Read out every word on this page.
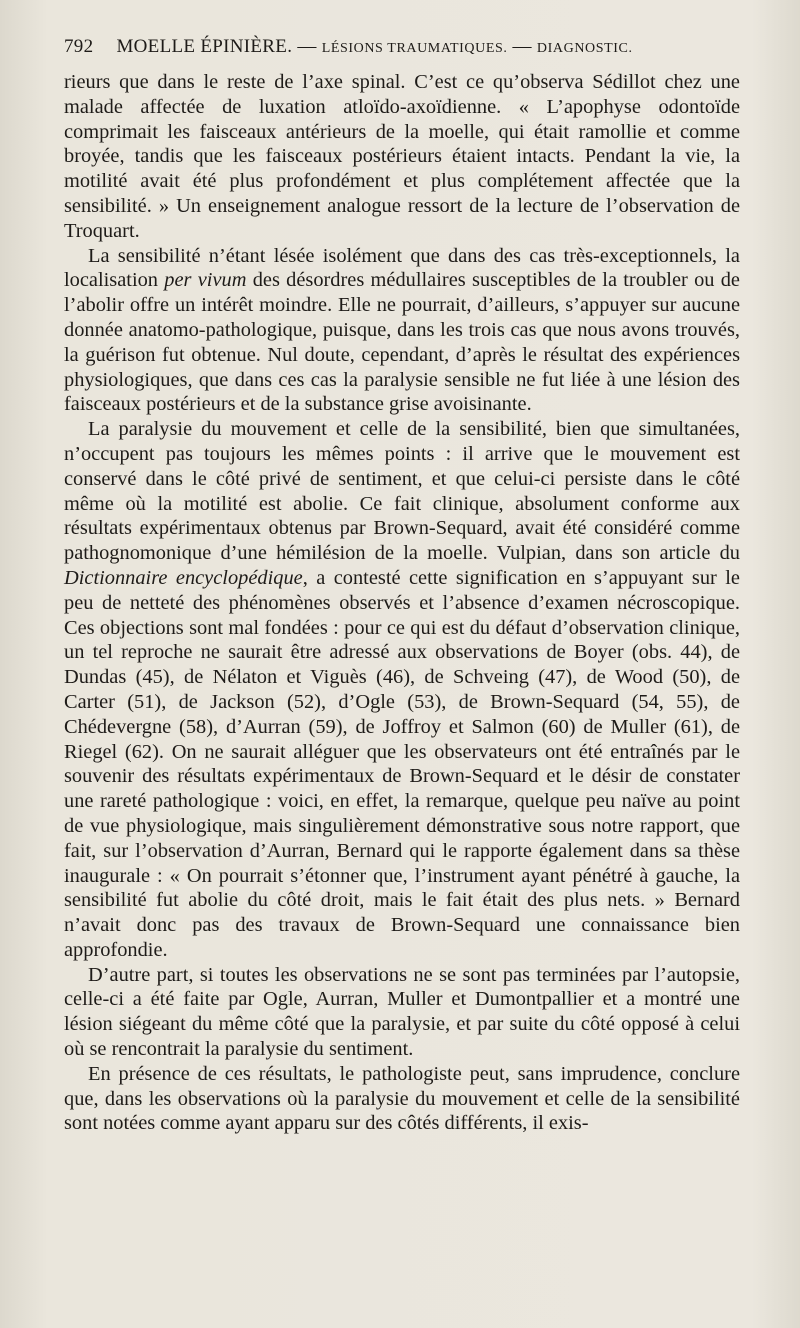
792 MOELLE ÉPINIÈRE. — LÉSIONS TRAUMATIQUES. — DIAGNOSTIC.

rieurs que dans le reste de l’axe spinal. C’est ce qu’observa Sédillot chez une malade affectée de luxation atloïdo-axoïdienne. « L’apophyse odontoïde comprimait les faisceaux antérieurs de la moelle, qui était ramollie et comme broyée, tandis que les faisceaux postérieurs étaient intacts. Pendant la vie, la motilité avait été plus profondément et plus complétement affectée que la sensibilité. » Un enseignement analogue ressort de la lecture de l’observation de Troquart.

La sensibilité n’étant lésée isolément que dans des cas très-exceptionnels, la localisation per vivum des désordres médullaires susceptibles de la troubler ou de l’abolir offre un intérêt moindre. Elle ne pourrait, d’ailleurs, s’appuyer sur aucune donnée anatomo-pathologique, puisque, dans les trois cas que nous avons trouvés, la guérison fut obtenue. Nul doute, cependant, d’après le résultat des expériences physiologiques, que dans ces cas la paralysie sensible ne fut liée à une lésion des faisceaux postérieurs et de la substance grise avoisinante.

La paralysie du mouvement et celle de la sensibilité, bien que simultanées, n’occupent pas toujours les mêmes points : il arrive que le mouvement est conservé dans le côté privé de sentiment, et que celui-ci persiste dans le côté même où la motilité est abolie. Ce fait clinique, absolument conforme aux résultats expérimentaux obtenus par Brown-Sequard, avait été considéré comme pathognomonique d’une hémilésion de la moelle. Vulpian, dans son article du Dictionnaire encyclopédique, a contesté cette signification en s’appuyant sur le peu de netteté des phénomènes observés et l’absence d’examen nécroscopique. Ces objections sont mal fondées : pour ce qui est du défaut d’observation clinique, un tel reproche ne saurait être adressé aux observations de Boyer (obs. 44), de Dundas (45), de Nélaton et Viguès (46), de Schveing (47), de Wood (50), de Carter (51), de Jackson (52), d’Ogle (53), de Brown-Sequard (54, 55), de Chédevergne (58), d’Aurran (59), de Joffroy et Salmon (60) de Muller (61), de Riegel (62). On ne saurait alléguer que les observateurs ont été entraînés par le souvenir des résultats expérimentaux de Brown-Sequard et le désir de constater une rareté pathologique : voici, en effet, la remarque, quelque peu naïve au point de vue physiologique, mais singulièrement démonstrative sous notre rapport, que fait, sur l’observation d’Aurran, Bernard qui le rapporte également dans sa thèse inaugurale : « On pourrait s’étonner que, l’instrument ayant pénétré à gauche, la sensibilité fut abolie du côté droit, mais le fait était des plus nets. » Bernard n’avait donc pas des travaux de Brown-Sequard une connaissance bien approfondie.

D’autre part, si toutes les observations ne se sont pas terminées par l’autopsie, celle-ci a été faite par Ogle, Aurran, Muller et Dumontpallier et a montré une lésion siégeant du même côté que la paralysie, et par suite du côté opposé à celui où se rencontrait la paralysie du sentiment.

En présence de ces résultats, le pathologiste peut, sans imprudence, conclure que, dans les observations où la paralysie du mouvement et celle de la sensibilité sont notées comme ayant apparu sur des côtés différents, il exis-
